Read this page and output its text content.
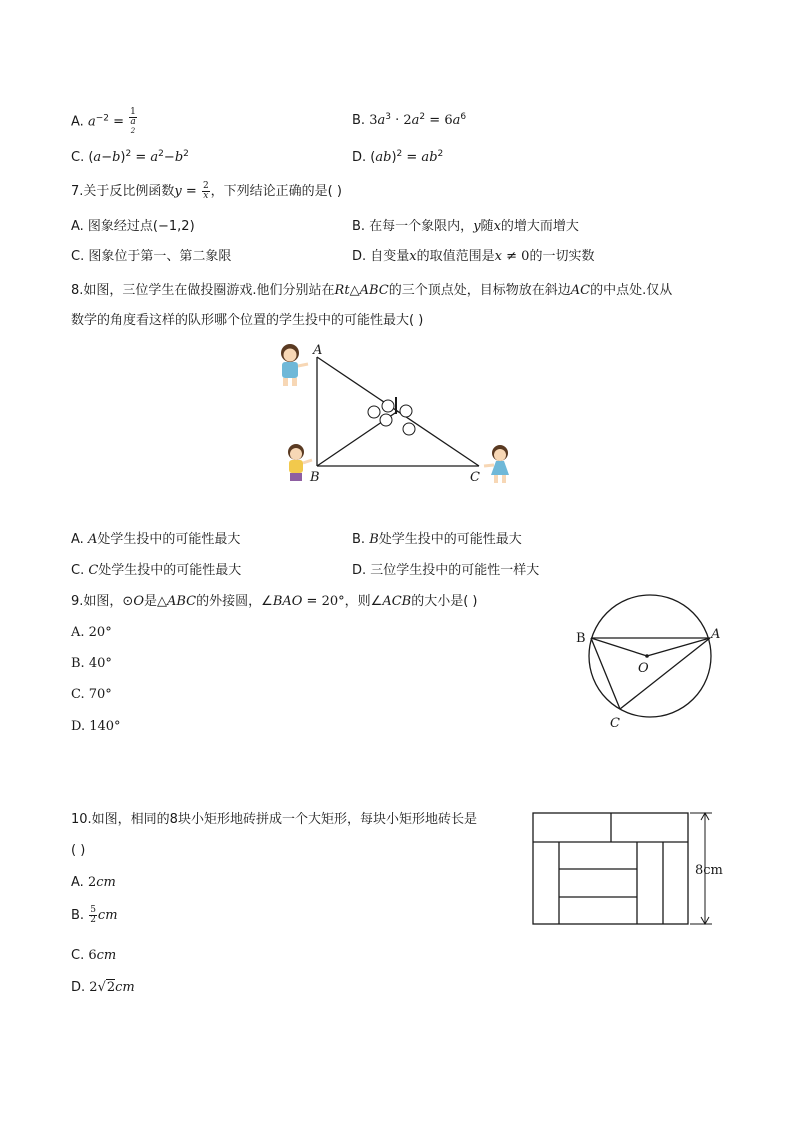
A. $a^{-2} = 1$
a
2	B. $3a^3 \cdot 2a^2 = 6a^6$
C. $(a-b)^2 = a^2-b^2$	D. $(ab)^2 = ab^2$
7.关于反比例函数$y = \frac{2}{x}$ ，下列结论正确的是( )
A. 图象经过点(−1,2)	B. 在每一个象限内，y随x的增大而增大
C. 图象位于第一、第二象限	D. 自变量x的取值范围是x ≠ 0的一切实数
8.如图，三位学生在做投圈游戏.他们分别站在Rt△ABC的三个顶点处，目标物放在斜边AC的中点处.仅从
数学的角度看这样的队形哪个位置的学生投中的可能性最大( )
A
B	C
A. A处学生投中的可能性最大	B. B处学生投中的可能性最大
C. C处学生投中的可能性最大	D. 三位学生投中的可能性一样大
9.如图，⊙O是△ABC的外接圆，∠BAO = 20°，则∠ACB的大小是( )
A. 20°
B. 40°
C. 70°
D. 140°
B	A
O
C
10.如图，相同的8块小矩形地砖拼成一个大矩形，每块小矩形地砖长是
( )
A. 2cm
B. $\frac{5}{2}$ cm
C. 6cm
D. 2√2cm
8cm
